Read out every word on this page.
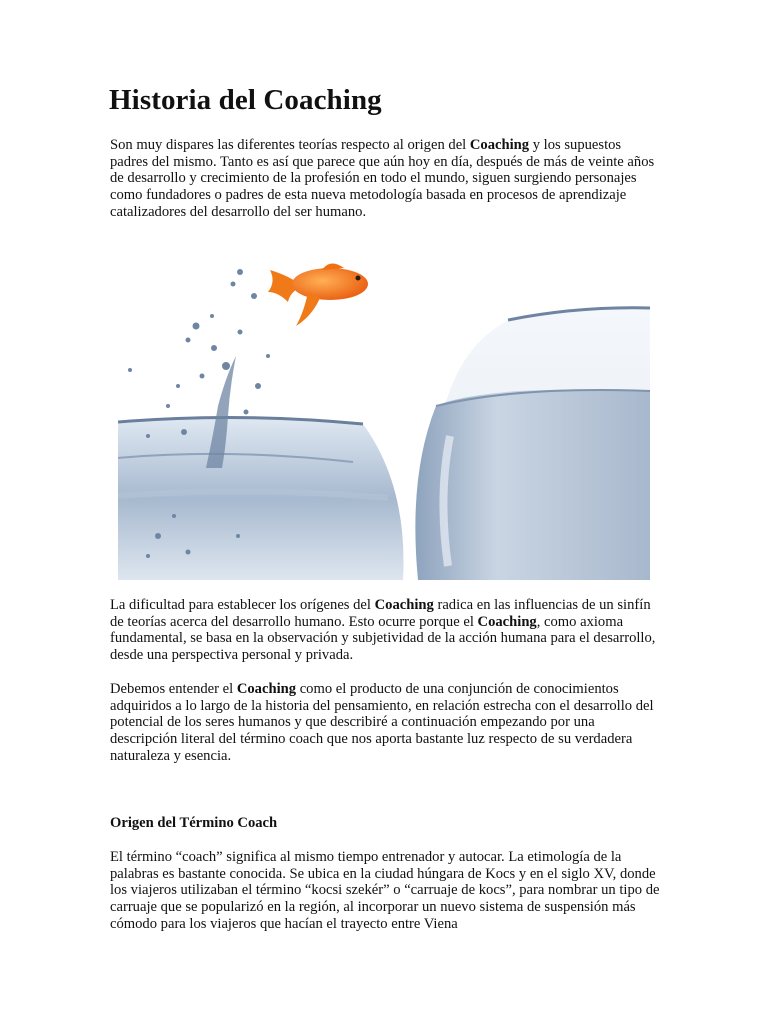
Historia del Coaching

Son muy dispares las diferentes teorías respecto al origen del Coaching y los supuestos padres del mismo. Tanto es así que parece que aún hoy en día, después de más de veinte años de desarrollo y crecimiento de la profesión en todo el mundo, siguen surgiendo personajes como fundadores o padres de esta nueva metodología basada en procesos de aprendizaje catalizadores del desarrollo del ser humano.

La dificultad para establecer los orígenes del Coaching radica en las influencias de un sinfín de teorías acerca del desarrollo humano. Esto ocurre porque el Coaching, como axioma fundamental, se basa en la observación y subjetividad de la acción humana para el desarrollo, desde una perspectiva personal y privada.

Debemos entender el Coaching como el producto de una conjunción de conocimientos adquiridos a lo largo de la historia del pensamiento, en relación estrecha con el desarrollo del potencial de los seres humanos y que describiré a continuación empezando por una descripción literal del término coach que nos aporta bastante luz respecto de su verdadera naturaleza y esencia.

Origen del Término Coach

El término “coach” significa al mismo tiempo entrenador y autocar. La etimología de la palabras es bastante conocida. Se ubica en la ciudad húngara de Kocs y en el siglo XV, donde los viajeros utilizaban el término “kocsi szekér” o “carruaje de kocs”, para nombrar un tipo de carruaje que se popularizó en la región, al incorporar un nuevo sistema de suspensión más cómodo para los viajeros que hacían el trayecto entre Viena
